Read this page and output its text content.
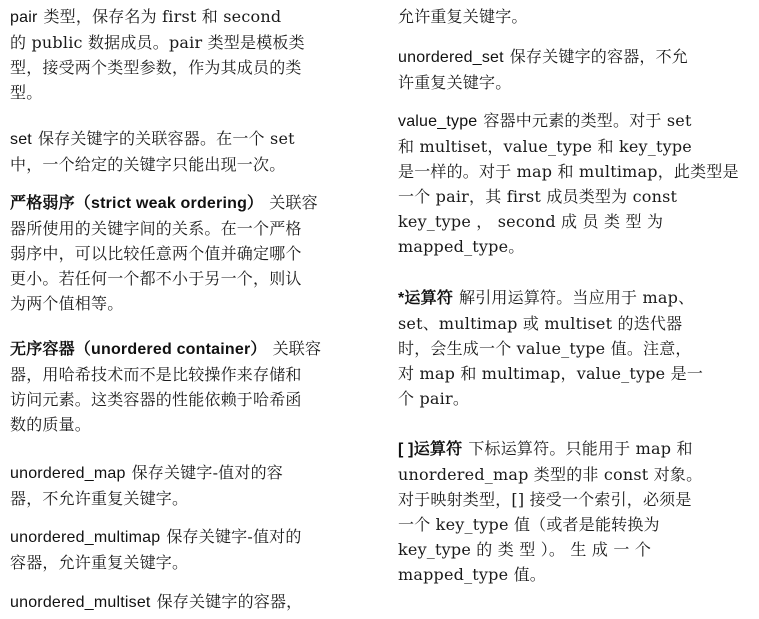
pair 类型，保存名为 first 和 second
的 public 数据成员。pair 类型是模板类
型，接受两个类型参数，作为其成员的类
型。
set 保存关键字的关联容器。在一个 set
中，一个给定的关键字只能出现一次。
严格弱序（strict weak ordering） 关联容
器所使用的关键字间的关系。在一个严格
弱序中，可以比较任意两个值并确定哪个
更小。若任何一个都不小于另一个，则认
为两个值相等。
无序容器（unordered container） 关联容
器，用哈希技术而不是比较操作来存储和
访问元素。这类容器的性能依赖于哈希函
数的质量。
unordered_map 保存关键字-值对的容
器，不允许重复关键字。
unordered_multimap 保存关键字-值对的
容器，允许重复关键字。
unordered_multiset 保存关键字的容器，
允许重复关键字。
unordered_set 保存关键字的容器，不允
许重复关键字。
value_type 容器中元素的类型。对于 set
和 multiset，value_type 和 key_type
是一样的。对于 map 和 multimap，此类型是
一个 pair，其 first 成员类型为 const
key_type ， second 成 员 类 型 为
mapped_type。
*运算符 解引用运算符。当应用于 map、
set、multimap 或 multiset 的迭代器
时，会生成一个 value_type 值。注意，
对 map 和 multimap，value_type 是一
个 pair。
[ ]运算符 下标运算符。只能用于 map 和
unordered_map 类型的非 const 对象。
对于映射类型，[] 接受一个索引，必须是
一个 key_type 值（或者是能转换为
key_type 的 类 型 ）。 生 成 一 个
mapped_type 值。
